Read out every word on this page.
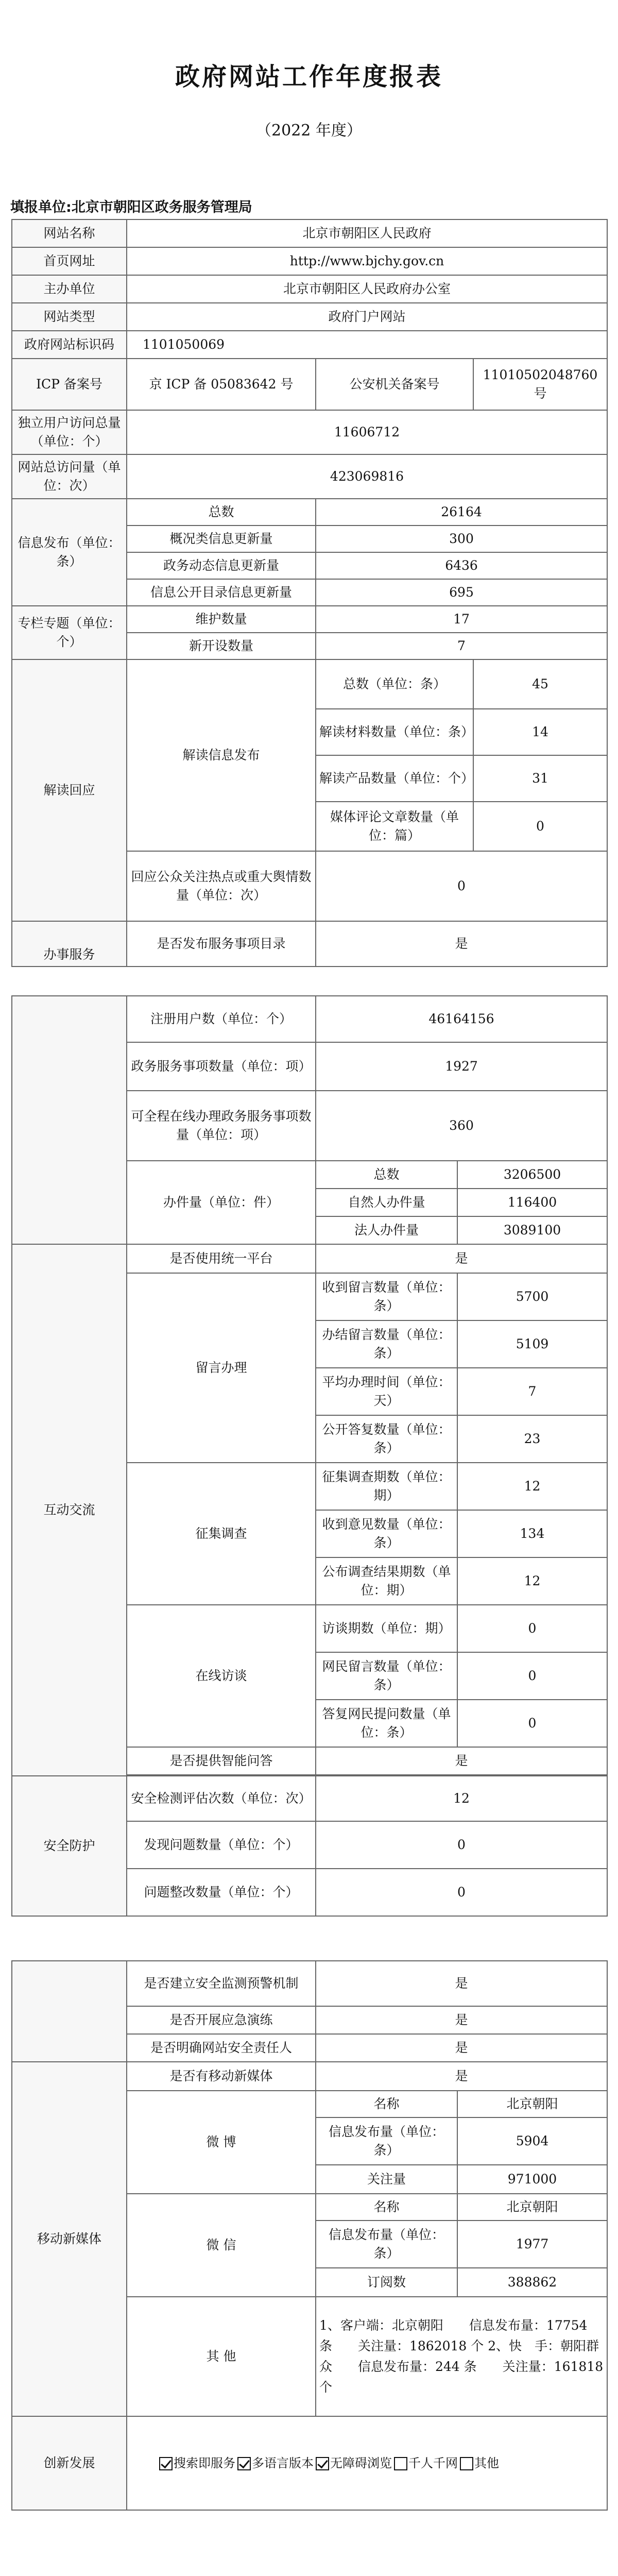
政府网站工作年度报表
（2022 年度）
填报单位:北京市朝阳区政务服务管理局
网站名称	北京市朝阳区人民政府		
首页网址	http://www.bjchy.gov.cn		
主办单位	北京市朝阳区人民政府办公室		
网站类型	政府门户网站		
政府网站标识码	1101050069		
ICP 备案号	京 ICP 备 05083642 号	公安机关备案号	11010502048760 号
独立用户访问总量（单位：个）	11606712		
网站总访问量（单位：次）	423069816		
信息发布（单位：条）	总数	26164	
	概况类信息更新量	300	
	政务动态信息更新量	6436	
	信息公开目录信息更新量	695	
专栏专题（单位：个）	维护数量	17	
	新开设数量	7	
解读回应	解读信息发布	总数（单位：条）	45
		解读材料数量（单位：条）	14
		解读产品数量（单位：个）	31
		媒体评论文章数量（单位：篇）	0
	回应公众关注热点或重大舆情数量（单位：次）	0	
办事服务	是否发布服务事项目录	是	
	注册用户数（单位：个）	46164156	
	政务服务事项数量（单位：项）	1927	
	可全程在线办理政务服务事项数量（单位：项）	360	
	办件量（单位：件）	总数	3206500
		自然人办件量	116400
		法人办件量	3089100
互动交流	是否使用统一平台	是	
	留言办理	收到留言数量（单位：条）	5700
		办结留言数量（单位：条）	5109
		平均办理时间（单位：天）	7
		公开答复数量（单位：条）	23
	征集调查	征集调查期数（单位：期）	12
		收到意见数量（单位：条）	134
		公布调查结果期数（单位：期）	12
	在线访谈	访谈期数（单位：期）	0
		网民留言数量（单位：条）	0
		答复网民提问数量（单位：条）	0
	是否提供智能问答	是	

安全防护	安全检测评估次数（单位：次）	12	
	发现问题数量（单位：个）	0	
	问题整改数量（单位：个）	0	
	是否建立安全监测预警机制	是	
	是否开展应急演练	是	
	是否明确网站安全责任人	是	
移动新媒体	是否有移动新媒体	是	
	微 博	名称	北京朝阳
		信息发布量（单位：条）	5904
		关注量	971000
	微 信	名称	北京朝阳
		信息发布量（单位：条）	1977
		订阅数	388862
	其 他	1、客户端：北京朝阳　　信息发布量：17754 条　　关注量：1862018 个 2、快　手：朝阳群众　　信息发布量：244 条　　关注量：161818 个	
创新发展	搜索即服务 多语言版本 无障碍浏览 千人千网 其他		
